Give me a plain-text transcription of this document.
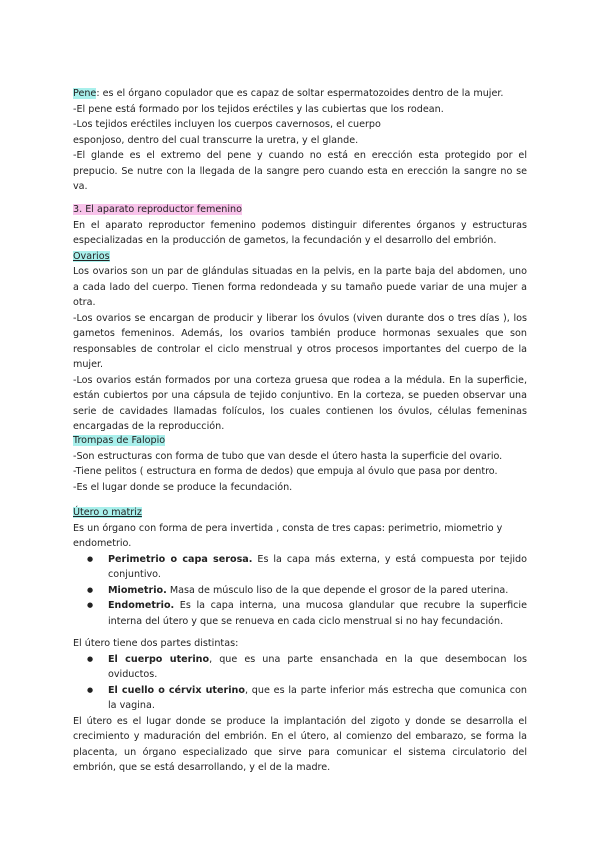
Pene: es el órgano copulador que es capaz de soltar espermatozoides dentro de la mujer.

-El pene está formado por los tejidos eréctiles y las cubiertas que los rodean.

-Los tejidos eréctiles incluyen los cuerpos cavernosos, el cuerpo

esponjoso, dentro del cual transcurre la uretra, y el glande.

-El glande es el extremo del pene y cuando no está en erección esta protegido por el prepucio. Se nutre con la llegada de la sangre pero cuando esta en erección la sangre no se va.

3. El aparato reproductor femenino

En el aparato reproductor femenino podemos distinguir diferentes órganos y estructuras especializadas en la producción de gametos, la fecundación y el desarrollo del embrión.

Ovarios

Los ovarios son un par de glándulas situadas en la pelvis, en la parte baja del abdomen, uno a cada lado del cuerpo. Tienen forma redondeada y su tamaño puede variar de una mujer a otra.

-Los ovarios se encargan de producir y liberar los óvulos (viven durante dos o tres días ), los gametos femeninos. Además, los ovarios también produce hormonas sexuales que son responsables de controlar el ciclo menstrual y otros procesos importantes del cuerpo de la mujer.

-Los ovarios están formados por una corteza gruesa que rodea a la médula. En la superficie, están cubiertos por una cápsula de tejido conjuntivo. En la corteza, se pueden observar una serie de cavidades llamadas folículos, los cuales contienen los óvulos, células femeninas encargadas de la reproducción.

Trompas de Falopio

-Son estructuras con forma de tubo que van desde el útero hasta la superficie del ovario.

-Tiene pelitos ( estructura en forma de dedos) que empuja al óvulo que pasa por dentro.

-Es el lugar donde se produce la fecundación.

Útero o matriz

Es un órgano con forma de pera invertida , consta de tres capas: perimetrio, miometrio y endometrio.

● Perimetrio o capa serosa. Es la capa más externa, y está compuesta por tejido conjuntivo.
● Miometrio. Masa de músculo liso de la que depende el grosor de la pared uterina.
● Endometrio. Es la capa interna, una mucosa glandular que recubre la superficie interna del útero y que se renueva en cada ciclo menstrual si no hay fecundación.

El útero tiene dos partes distintas:

● El cuerpo uterino, que es una parte ensanchada en la que desembocan los oviductos.
● El cuello o cérvix uterino, que es la parte inferior más estrecha que comunica con la vagina.

El útero es el lugar donde se produce la implantación del zigoto y donde se desarrolla el crecimiento y maduración del embrión. En el útero, al comienzo del embarazo, se forma la placenta, un órgano especializado que sirve para comunicar el sistema circulatorio del embrión, que se está desarrollando, y el de la madre.
